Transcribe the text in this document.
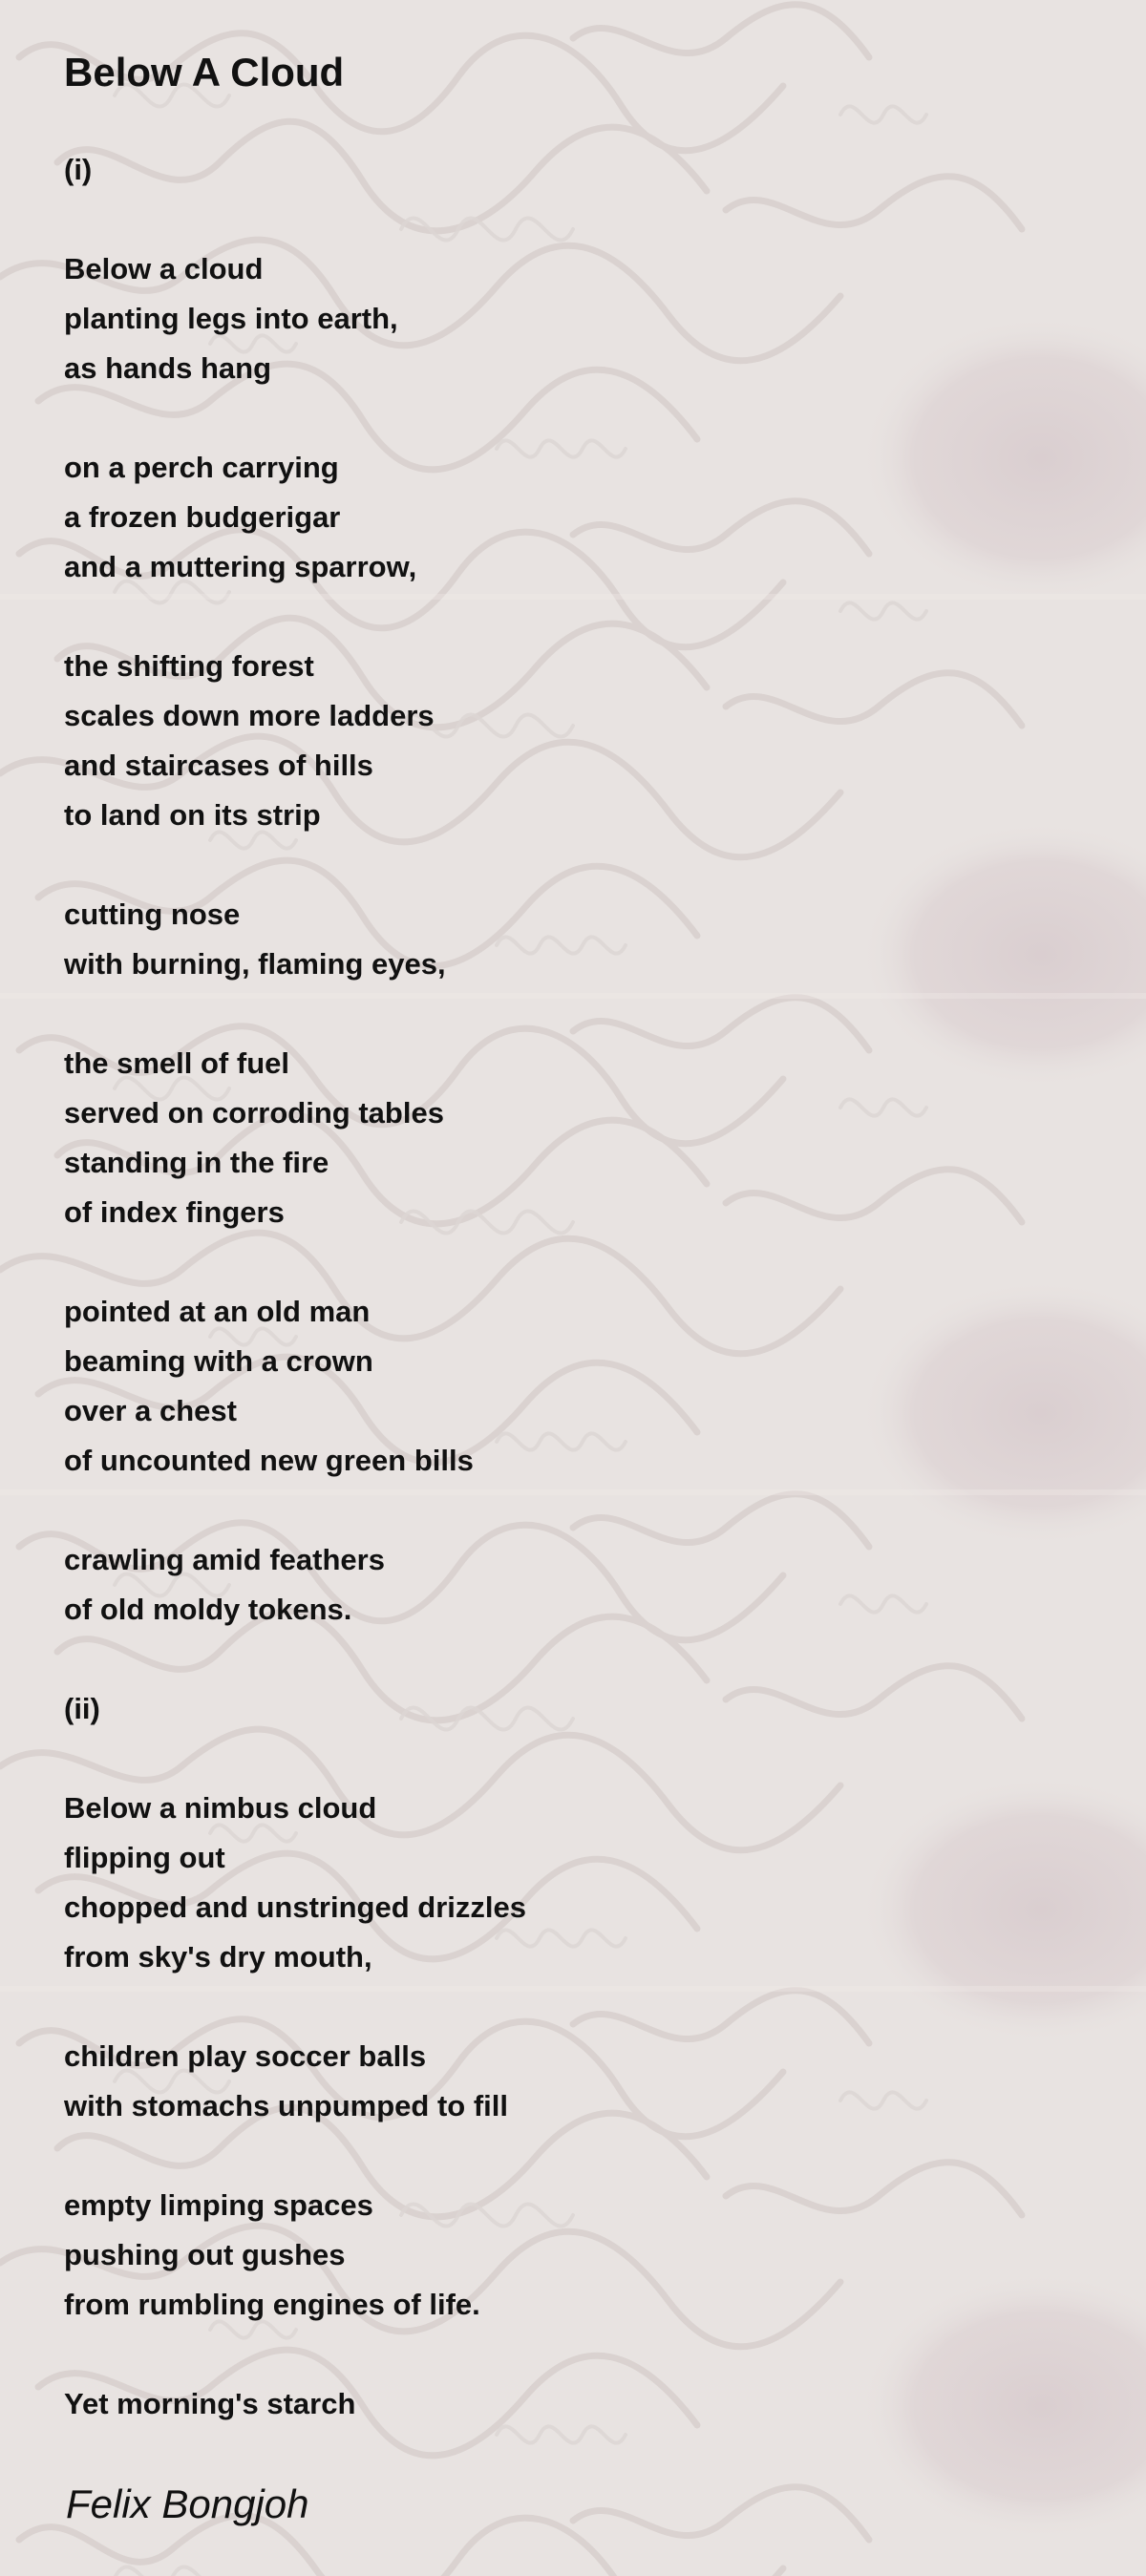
Below A Cloud
(i)
Below a cloud
planting legs into earth,
as hands hang
on a perch carrying
a frozen budgerigar
and a muttering sparrow,
the shifting forest
scales down more ladders
and staircases of hills
to land on its strip
cutting nose
with burning, flaming eyes,
the smell of fuel
served on corroding tables
standing in the fire
of index fingers
pointed at an old man
beaming with a crown
over a chest
of uncounted new green bills
crawling amid feathers
of old moldy tokens.
(ii)
Below a nimbus cloud
flipping out
chopped and unstringed drizzles
from sky's dry mouth,
children play soccer balls
with stomachs unpumped to fill
empty limping spaces
pushing out gushes
from rumbling engines of life.
Yet morning's starch
Felix Bongjoh
